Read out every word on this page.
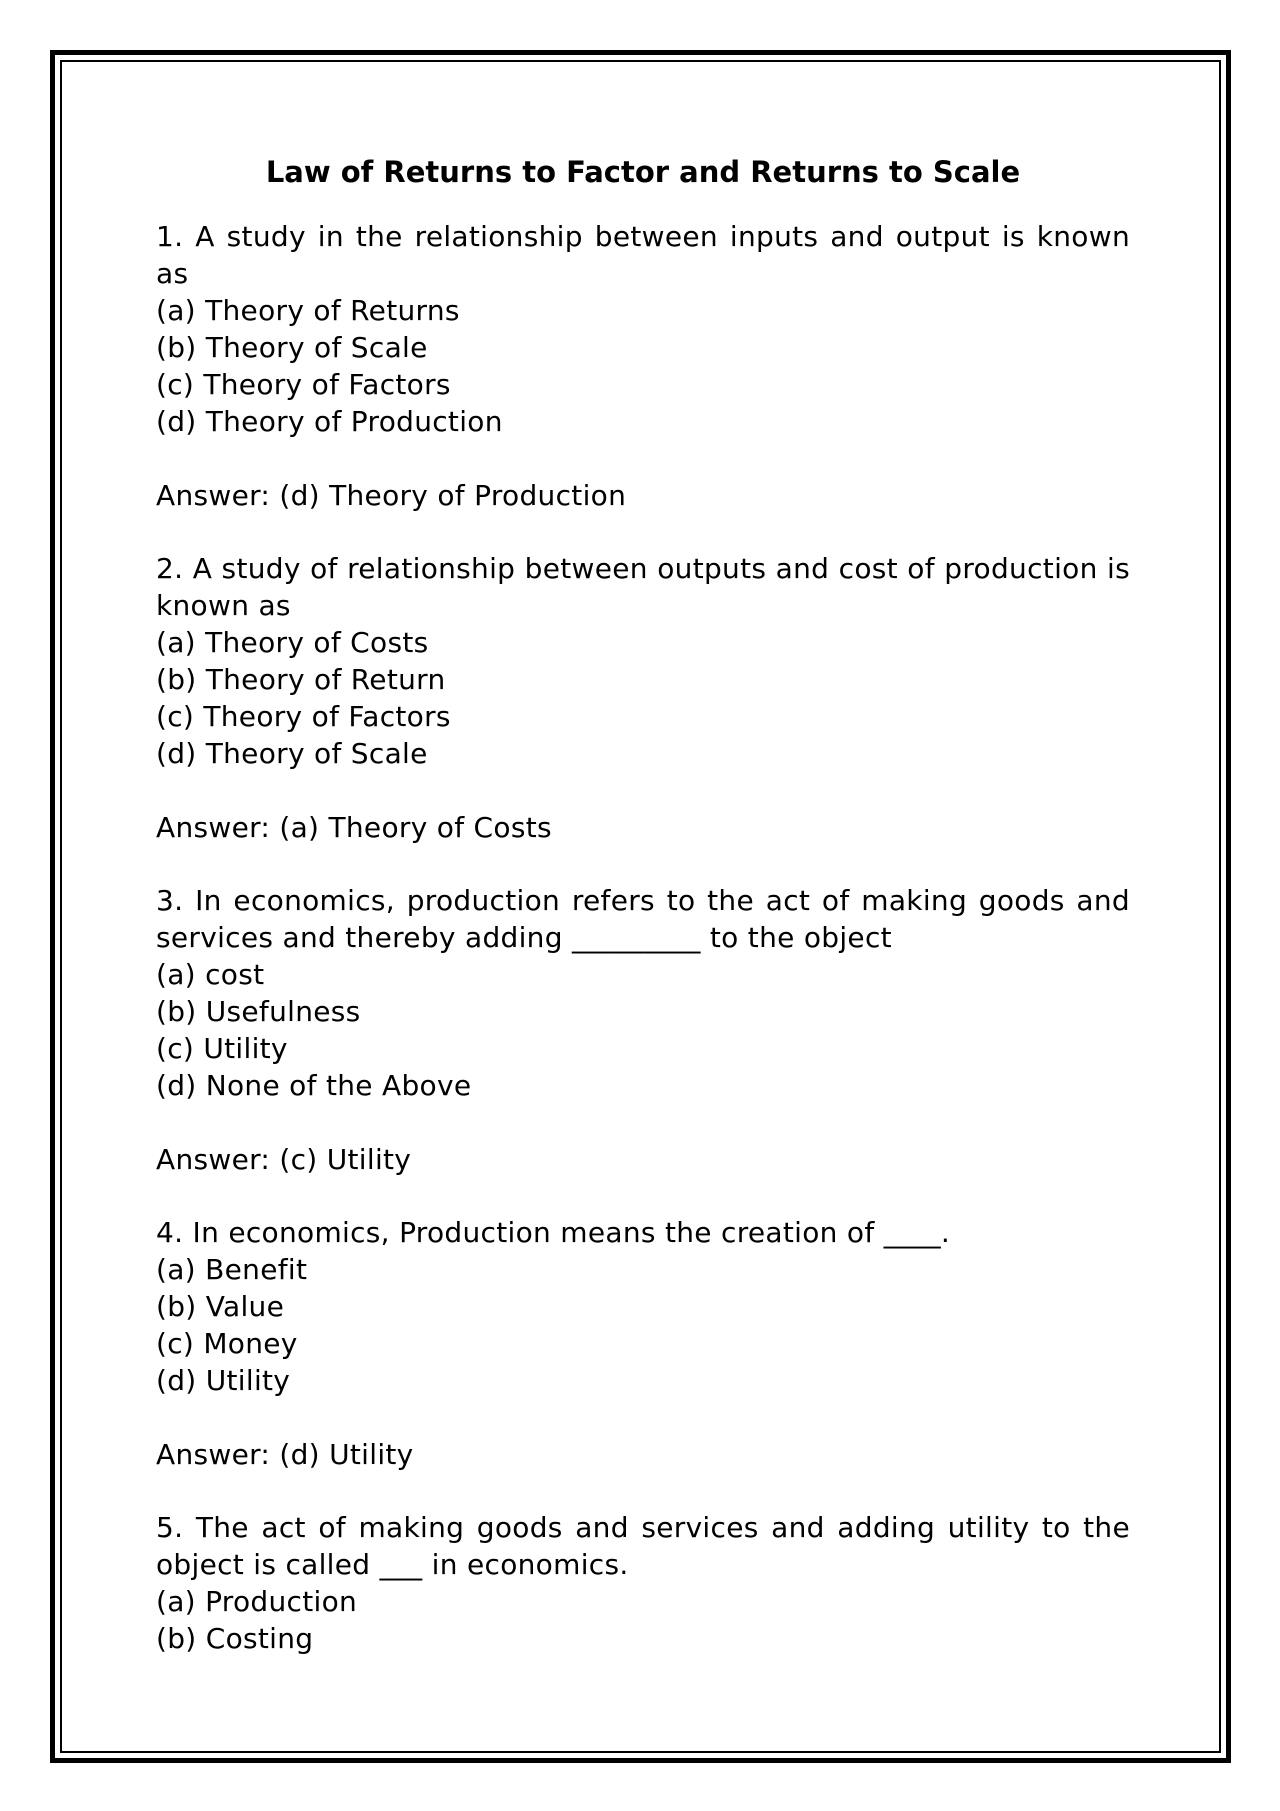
Law of Returns to Factor and Returns to Scale
1. A study in the relationship between inputs and output is known as
(a) Theory of Returns
(b) Theory of Scale
(c) Theory of Factors
(d) Theory of Production
Answer: (d) Theory of Production
2. A study of relationship between outputs and cost of production is known as
(a) Theory of Costs
(b) Theory of Return
(c) Theory of Factors
(d) Theory of Scale
Answer: (a) Theory of Costs
3. In economics, production refers to the act of making goods and services and thereby adding _________ to the object
(a) cost
(b) Usefulness
(c) Utility
(d) None of the Above
Answer: (c) Utility
4. In economics, Production means the creation of ____.
(a) Benefit
(b) Value
(c) Money
(d) Utility
Answer: (d) Utility
5. The act of making goods and services and adding utility to the object is called ___ in economics.
(a) Production
(b) Costing
